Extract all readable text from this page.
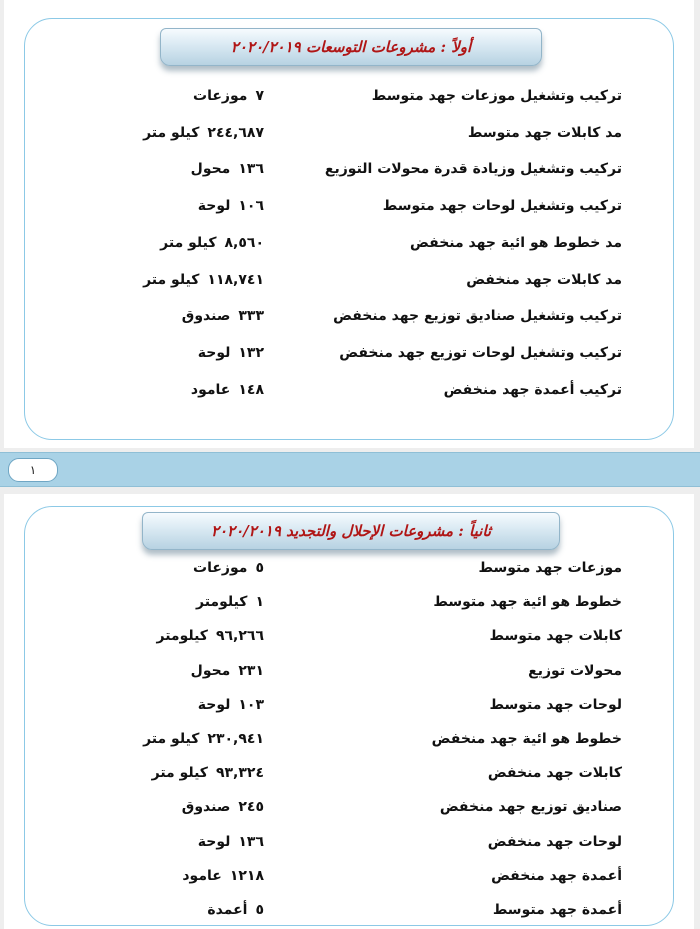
١
أولاً : مشروعات التوسعات ٢٠٢٠/٢٠١٩
تركيب وتشغيل موزعات جهد متوسط
٧موزعات
مد كابلات جهد متوسط
٢٤٤,٦٨٧كيلو متر
تركيب وتشغيل وزيادة قدرة محولات التوزيع
١٣٦محول
تركيب وتشغيل لوحات جهد متوسط
١٠٦لوحة
مد خطوط هو ائية جهد منخفض
٨,٥٦٠كيلو متر
مد كابلات جهد منخفض
١١٨,٧٤١كيلو متر
تركيب وتشغيل صناديق توزيع جهد منخفض
٣٣٣صندوق
تركيب وتشغيل لوحات توزيع جهد منخفض
١٣٢لوحة
تركيب أعمدة جهد منخفض
١٤٨عامود
ثانياً : مشروعات الإحلال والتجديد ٢٠٢٠/٢٠١٩
موزعات جهد متوسط
٥موزعات
خطوط هو ائية جهد متوسط
١كيلومتر
كابلات جهد متوسط
٩٦,٢٦٦كيلومتر
محولات توزيع
٢٣١محول
لوحات جهد متوسط
١٠٣لوحة
خطوط هو ائية جهد منخفض
٢٣٠,٩٤١كيلو متر
كابلات جهد منخفض
٩٣,٣٢٤كيلو متر
صناديق توزيع جهد منخفض
٢٤٥صندوق
لوحات جهد منخفض
١٣٦لوحة
أعمدة جهد منخفض
١٢١٨عامود
أعمدة جهد متوسط
٥أعمدة
